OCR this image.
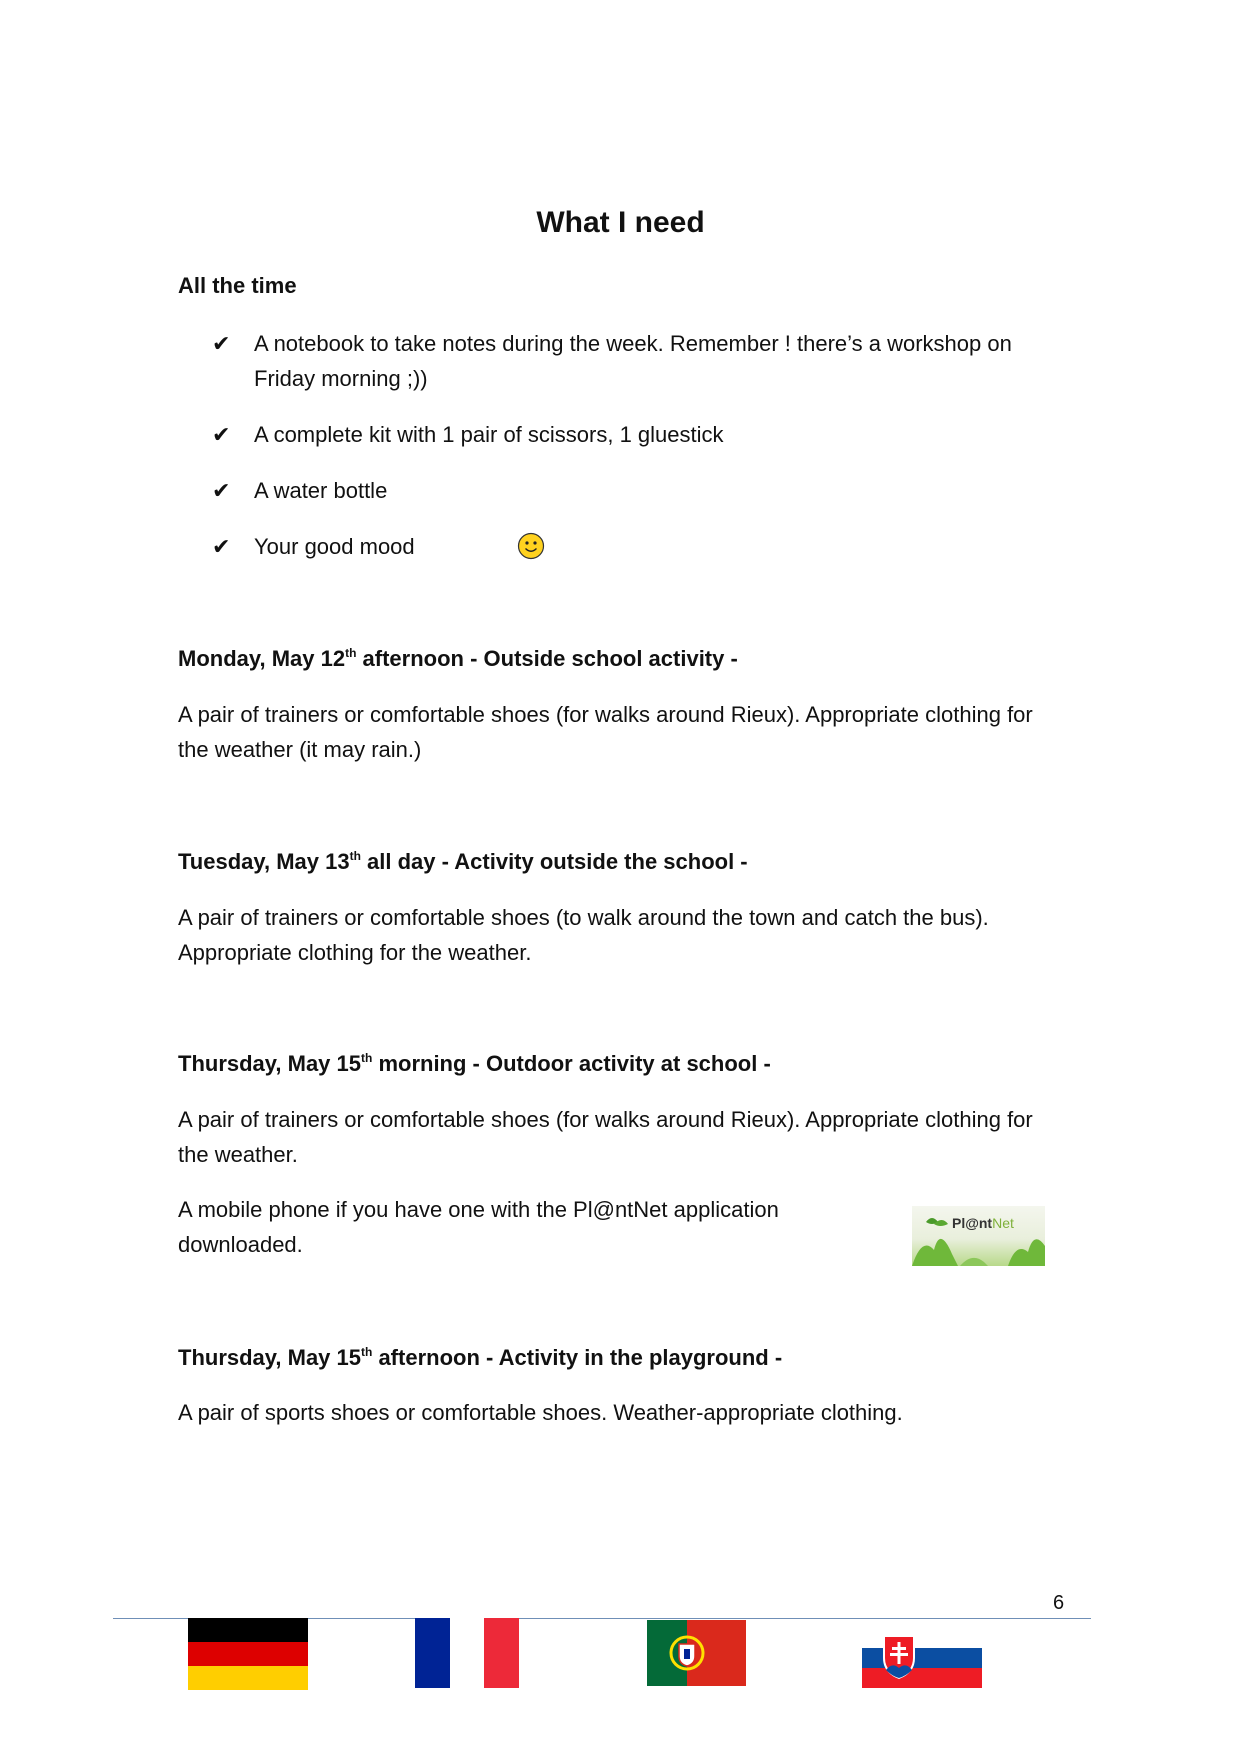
What I need
All the time
✔ A notebook to take notes during the week. Remember ! there’s a workshop on Friday morning ;))
✔ A complete kit with 1 pair of scissors, 1 gluestick
✔ A water bottle
✔ Your good mood
Monday, May 12th afternoon - Outside school activity -
A pair of trainers or comfortable shoes (for walks around Rieux). Appropriate clothing for the weather (it may rain.)
Tuesday, May 13th all day - Activity outside the school -
A pair of trainers or comfortable shoes (to walk around the town and catch the bus). Appropriate clothing for the weather.
Thursday, May 15th morning - Outdoor activity at school -
A pair of trainers or comfortable shoes (for walks around Rieux). Appropriate clothing for the weather.
A mobile phone if you have one with the Pl@ntNet application downloaded.
Pl@ntNet
Thursday, May 15th afternoon - Activity in the playground -
A pair of sports shoes or comfortable shoes. Weather-appropriate clothing.
6
